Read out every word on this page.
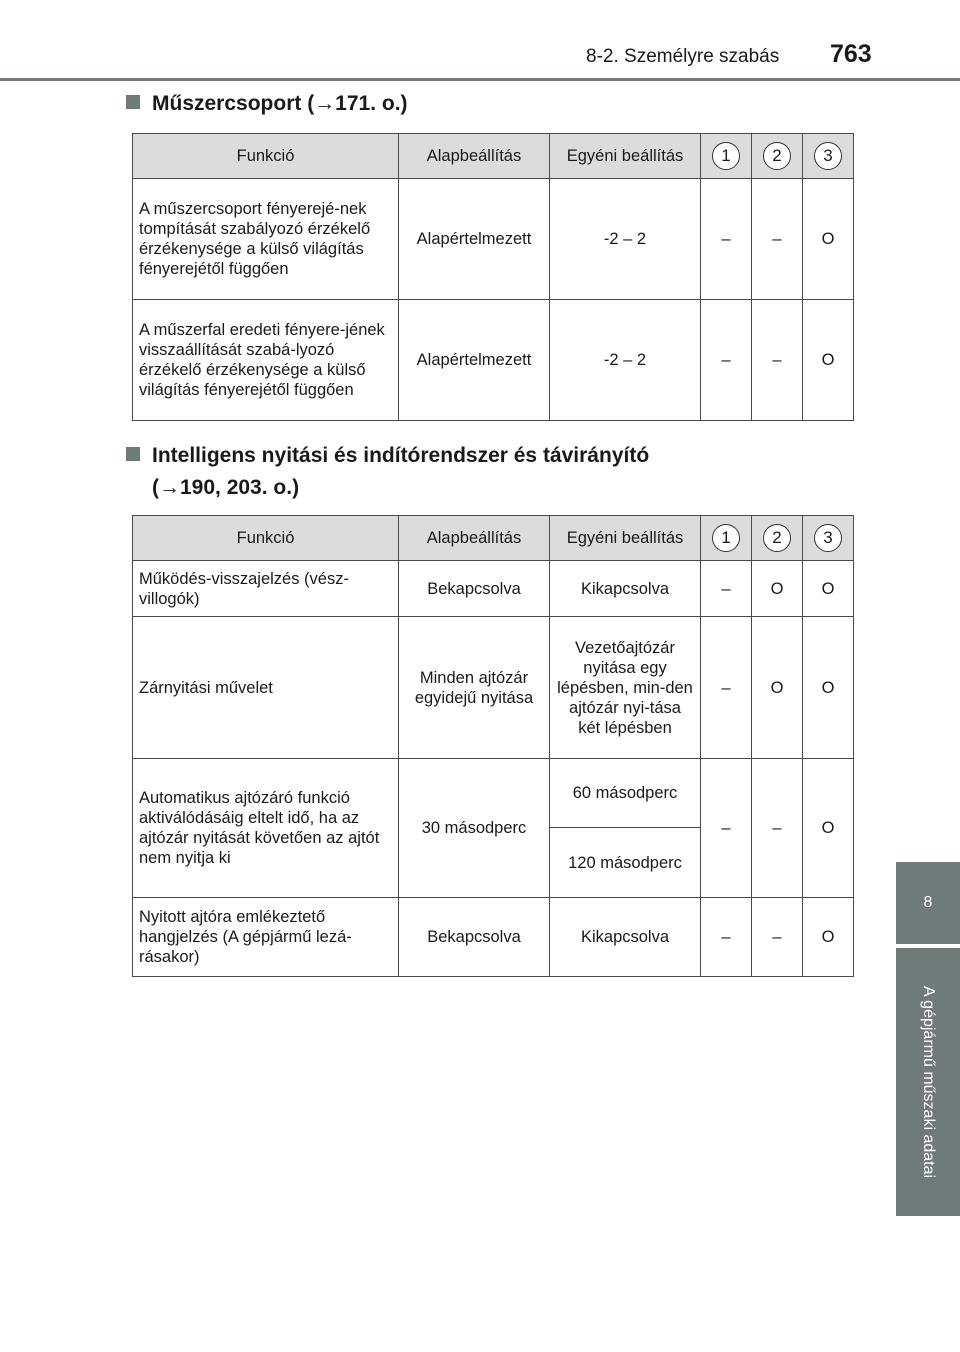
8-2. Személyre szabás 763
8
A gépjármű műszaki adatai
Műszercsoport (→171. o.)
Funkció	Alapbeállítás	Egyéni beállítás	1	2	3
A műszercsoport fényerejé-nek tompítását szabályozó érzékelő érzékenysége a külső világítás fényerejétől függően	Alapértelmezett	-2 – 2	–	–	O
A műszerfal eredeti fényere-jének visszaállítását szabá-lyozó érzékelő érzékenysége a külső világítás fényerejétől függően	Alapértelmezett	-2 – 2	–	–	O
Intelligens nyitási és indítórendszer és távirányító
(→190, 203. o.)
Funkció	Alapbeállítás	Egyéni beállítás	1	2	3
Működés-visszajelzés (vész-villogók)	Bekapcsolva	Kikapcsolva	–	O	O
Zárnyitási művelet	Minden ajtózár egyidejű nyitása	Vezetőajtózár nyitása egy lépésben, min-den ajtózár nyi-tása két lépésben	–	O	O
Automatikus ajtózáró funkció aktiválódásáig eltelt idő, ha az ajtózár nyitását követően az ajtót nem nyitja ki	30 másodperc	60 másodperc	–	–	O
		120 másodperc			
Nyitott ajtóra emlékeztető hangjelzés (A gépjármű lezá-rásakor)	Bekapcsolva	Kikapcsolva	–	–	O
